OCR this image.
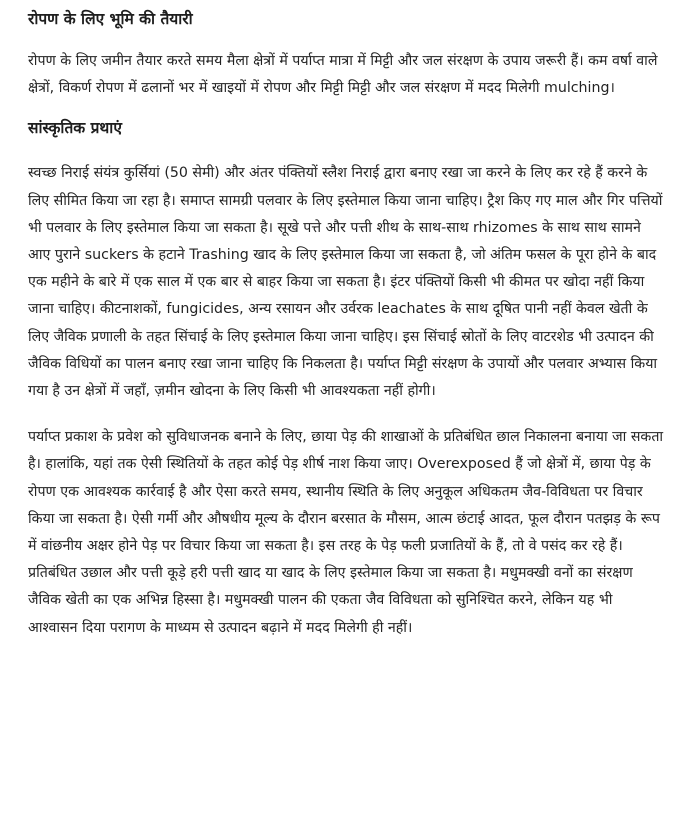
रोपण के लिए भूमि की तैयारी

रोपण के लिए जमीन तैयार करते समय मैला क्षेत्रों में पर्याप्त मात्रा में मिट्टी और जल संरक्षण के उपाय जरूरी हैं। कम वर्षा वाले क्षेत्रों, विकर्ण रोपण में ढलानों भर में खाइयों में रोपण और मिट्टी मिट्टी और जल संरक्षण में मदद मिलेगी mulching।

सांस्कृतिक प्रथाएं

स्वच्छ निराई संयंत्र कुर्सियां (50 सेमी) और अंतर पंक्तियों स्लैश निराई द्वारा बनाए रखा जा करने के लिए कर रहे हैं करने के लिए सीमित किया जा रहा है। समाप्त सामग्री पलवार के लिए इस्तेमाल किया जाना चाहिए। ट्रैश किए गए माल और गिर पत्तियों भी पलवार के लिए इस्तेमाल किया जा सकता है। सूखे पत्ते और पत्ती शीथ के साथ-साथ rhizomes के साथ साथ सामने आए पुराने suckers के हटाने Trashing खाद के लिए इस्तेमाल किया जा सकता है, जो अंतिम फसल के पूरा होने के बाद एक महीने के बारे में एक साल में एक बार से बाहर किया जा सकता है। इंटर पंक्तियों किसी भी कीमत पर खोदा नहीं किया जाना चाहिए। कीटनाशकों, fungicides, अन्य रसायन और उर्वरक leachates के साथ दूषित पानी नहीं केवल खेती के लिए जैविक प्रणाली के तहत सिंचाई के लिए इस्तेमाल किया जाना चाहिए। इस सिंचाई स्रोतों के लिए वाटरशेड भी उत्पादन की जैविक विधियों का पालन बनाए रखा जाना चाहिए कि निकलता है। पर्याप्त मिट्टी संरक्षण के उपायों और पलवार अभ्यास किया गया है उन क्षेत्रों में जहाँ, ज़मीन खोदना के लिए किसी भी आवश्यकता नहीं होगी।

पर्याप्त प्रकाश के प्रवेश को सुविधाजनक बनाने के लिए, छाया पेड़ की शाखाओं के प्रतिबंधित छाल निकालना बनाया जा सकता है। हालांकि, यहां तक ऐसी स्थितियों के तहत कोई पेड़ शीर्ष नाश किया जाए। Overexposed हैं जो क्षेत्रों में, छाया पेड़ के रोपण एक आवश्यक कार्रवाई है और ऐसा करते समय, स्थानीय स्थिति के लिए अनुकूल अधिकतम जैव-विविधता पर विचार किया जा सकता है। ऐसी गर्मी और औषधीय मूल्य के दौरान बरसात के मौसम, आत्म छंटाई आदत, फूल दौरान पतझड़ के रूप में वांछनीय अक्षर होने पेड़ पर विचार किया जा सकता है। इस तरह के पेड़ फली प्रजातियों के हैं, तो वे पसंद कर रहे हैं। प्रतिबंधित उछाल और पत्ती कूड़े हरी पत्ती खाद या खाद के लिए इस्तेमाल किया जा सकता है। मधुमक्खी वनों का संरक्षण जैविक खेती का एक अभिन्न हिस्सा है। मधुमक्खी पालन की एकता जैव विविधता को सुनिश्चित करने, लेकिन यह भी आश्वासन दिया परागण के माध्यम से उत्पादन बढ़ाने में मदद मिलेगी ही नहीं।
